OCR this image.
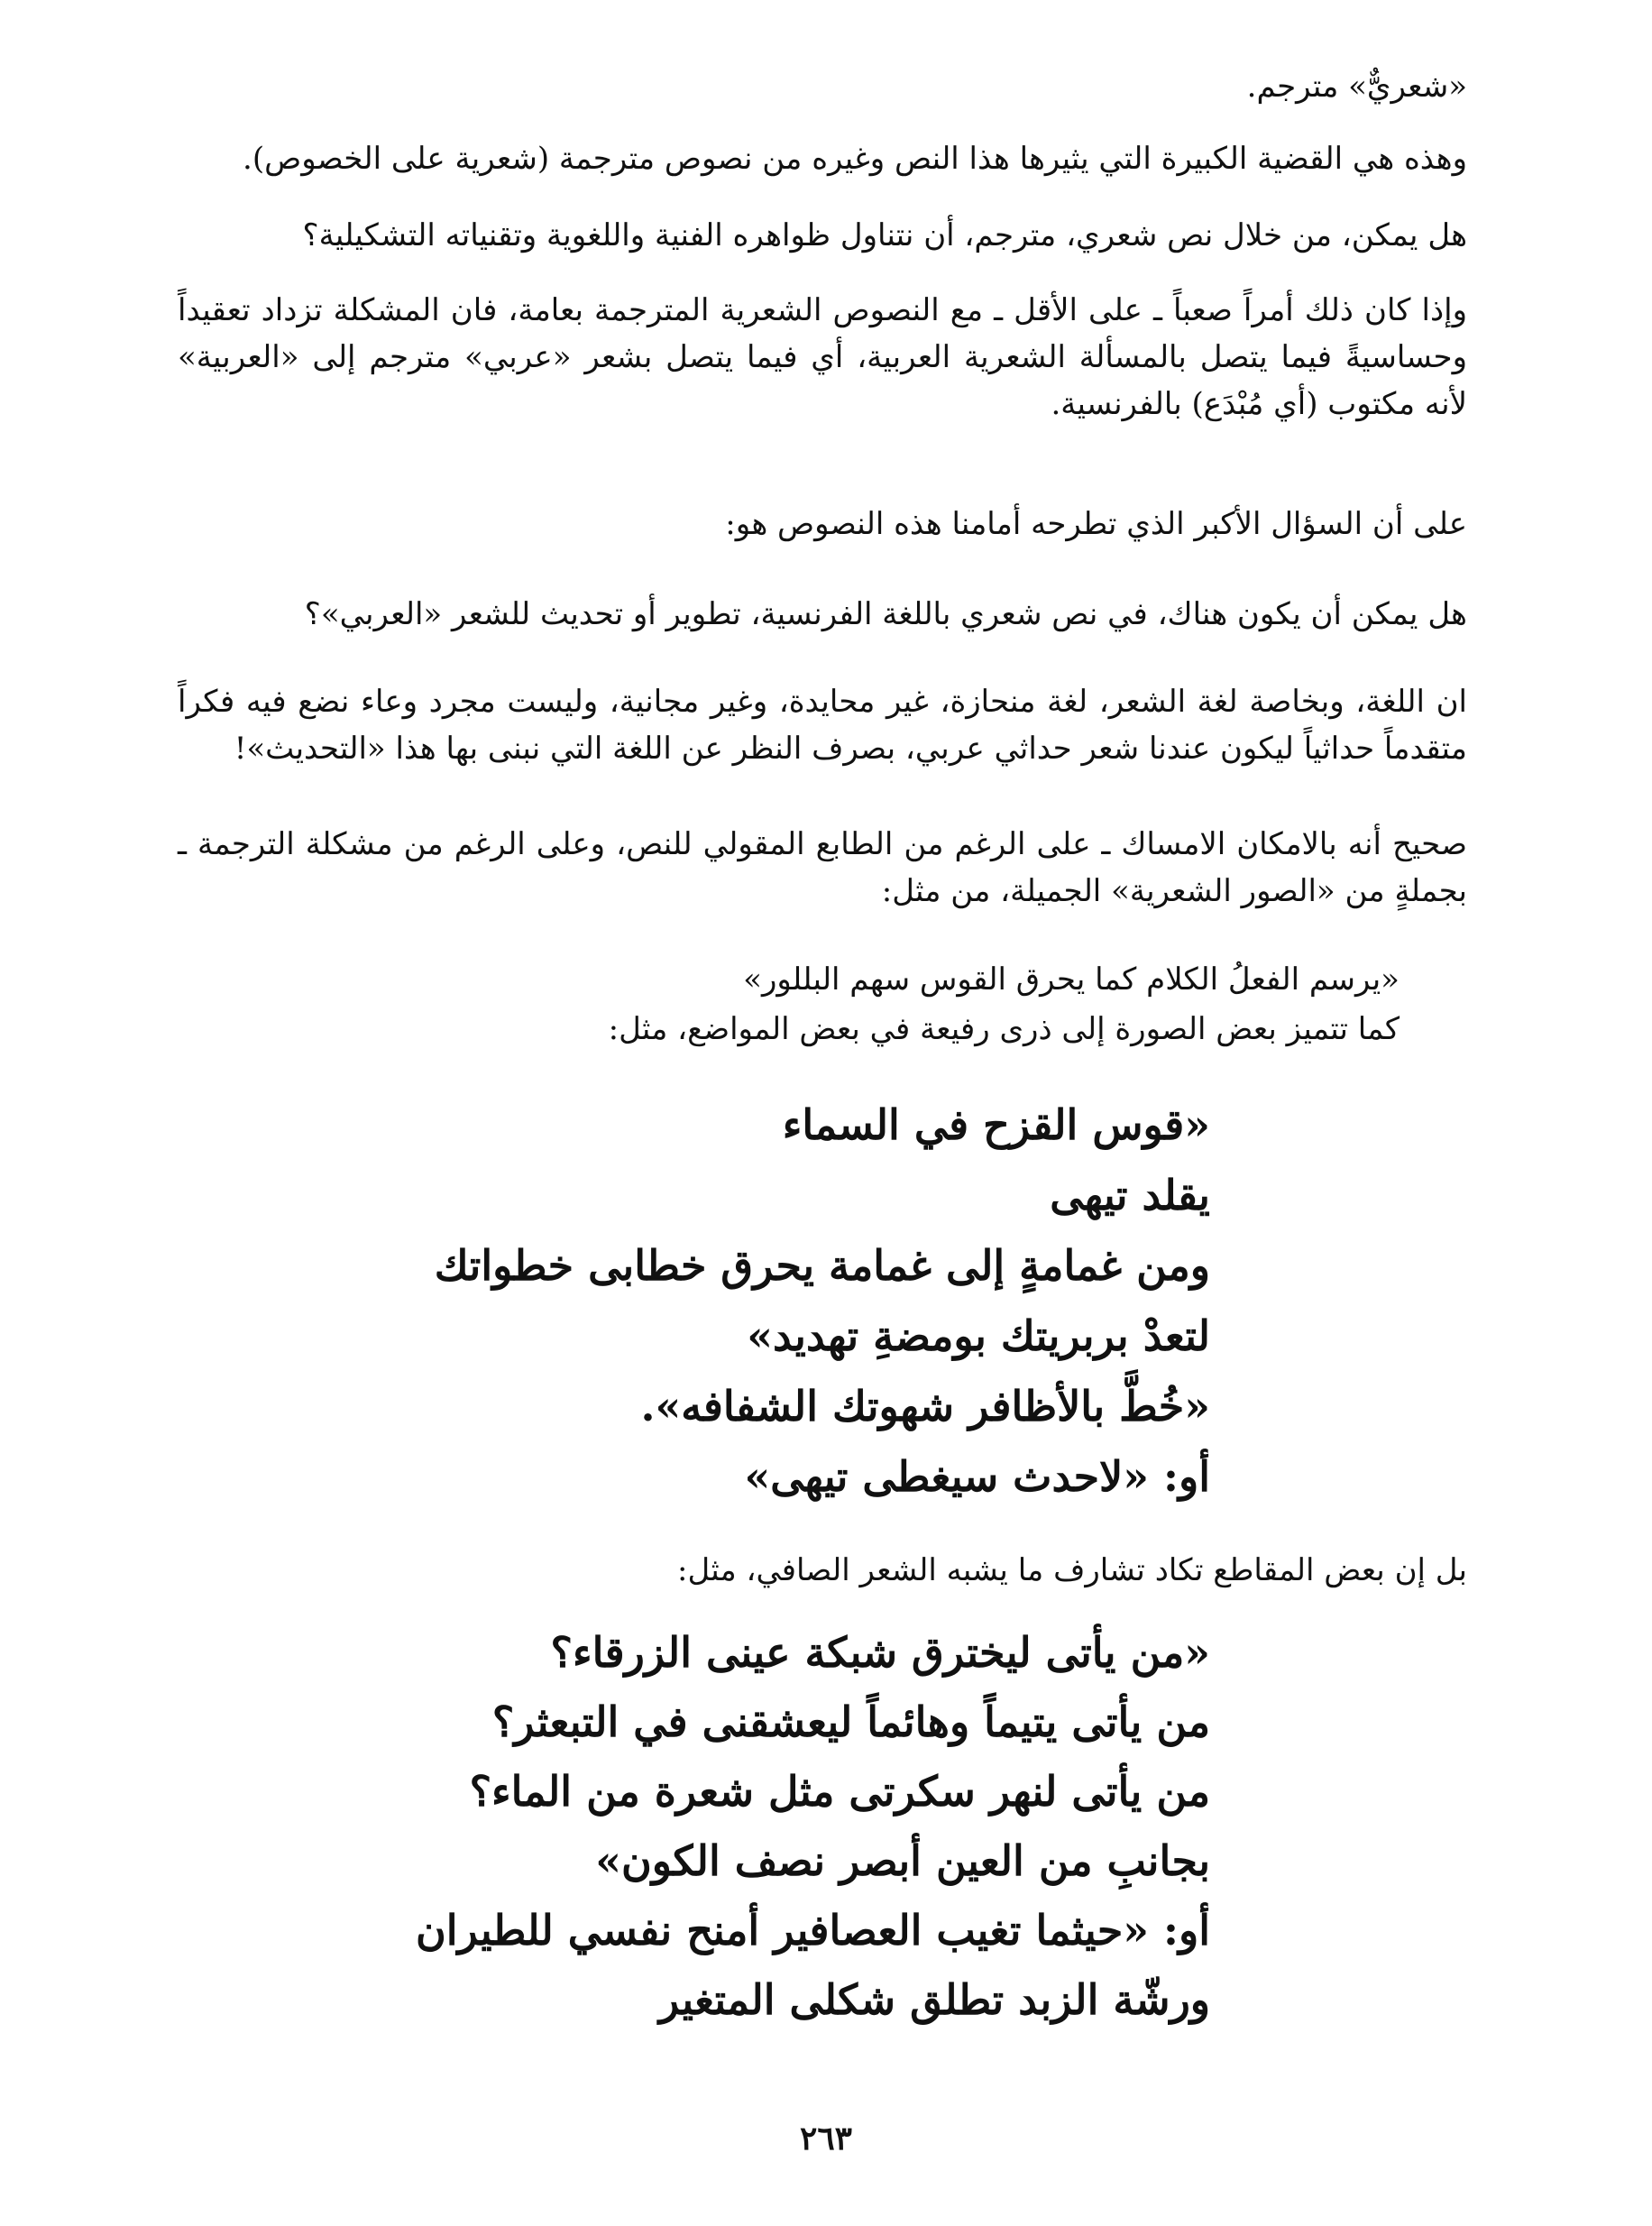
«شعريٌّ» مترجم.

وهذه هي القضية الكبيرة التي يثيرها هذا النص وغيره من نصوص مترجمة (شعرية على الخصوص).

هل يمكن، من خلال نص شعري، مترجم، أن نتناول ظواهره الفنية واللغوية وتقنياته التشكيلية؟

وإذا كان ذلك أمراً صعباً ـ على الأقل ـ مع النصوص الشعرية المترجمة بعامة، فان المشكلة تزداد تعقيداً وحساسيةً فيما يتصل بالمسألة الشعرية العربية، أي فيما يتصل بشعر «عربي» مترجم إلى «العربية» لأنه مكتوب (أي مُبْدَع) بالفرنسية.

على أن السؤال الأكبر الذي تطرحه أمامنا هذه النصوص هو:

هل يمكن أن يكون هناك، في نص شعري باللغة الفرنسية، تطوير أو تحديث للشعر «العربي»؟

ان اللغة، وبخاصة لغة الشعر، لغة منحازة، غير محايدة، وغير مجانية، وليست مجرد وعاء نضع فيه فكراً متقدماً حداثياً ليكون عندنا شعر حداثي عربي، بصرف النظر عن اللغة التي نبنى بها هذا «التحديث»!

صحيح أنه بالامكان الامساك ـ على الرغم من الطابع المقولي للنص، وعلى الرغم من مشكلة الترجمة ـ بجملةٍ من «الصور الشعرية» الجميلة، من مثل:

«يرسم الفعلُ الكلام كما يحرق القوس سهم البللور»

كما تتميز بعض الصورة إلى ذرى رفيعة في بعض المواضع، مثل:

«قوس القزح في السماء

يقلد تيهى

ومن غمامةٍ إلى غمامة يحرق خطابى خطواتك

لتعدْ بربريتك بومضةِ تهديد»

«خُطَّ بالأظافر شهوتك الشفافه».

أو: «لاحدث سيغطى تيهى»

بل إن بعض المقاطع تكاد تشارف ما يشبه الشعر الصافي، مثل:

«من يأتى ليخترق شبكة عينى الزرقاء؟

من يأتى يتيماً وهائماً ليعشقنى في التبعثر؟

من يأتى لنهر سكرتى مثل شعرة من الماء؟

بجانبِ من العين أبصر نصف الكون»

أو: «حيثما تغيب العصافير أمنح نفسي للطيران

ورشّة الزبد تطلق شكلى المتغير

٢٦٣
